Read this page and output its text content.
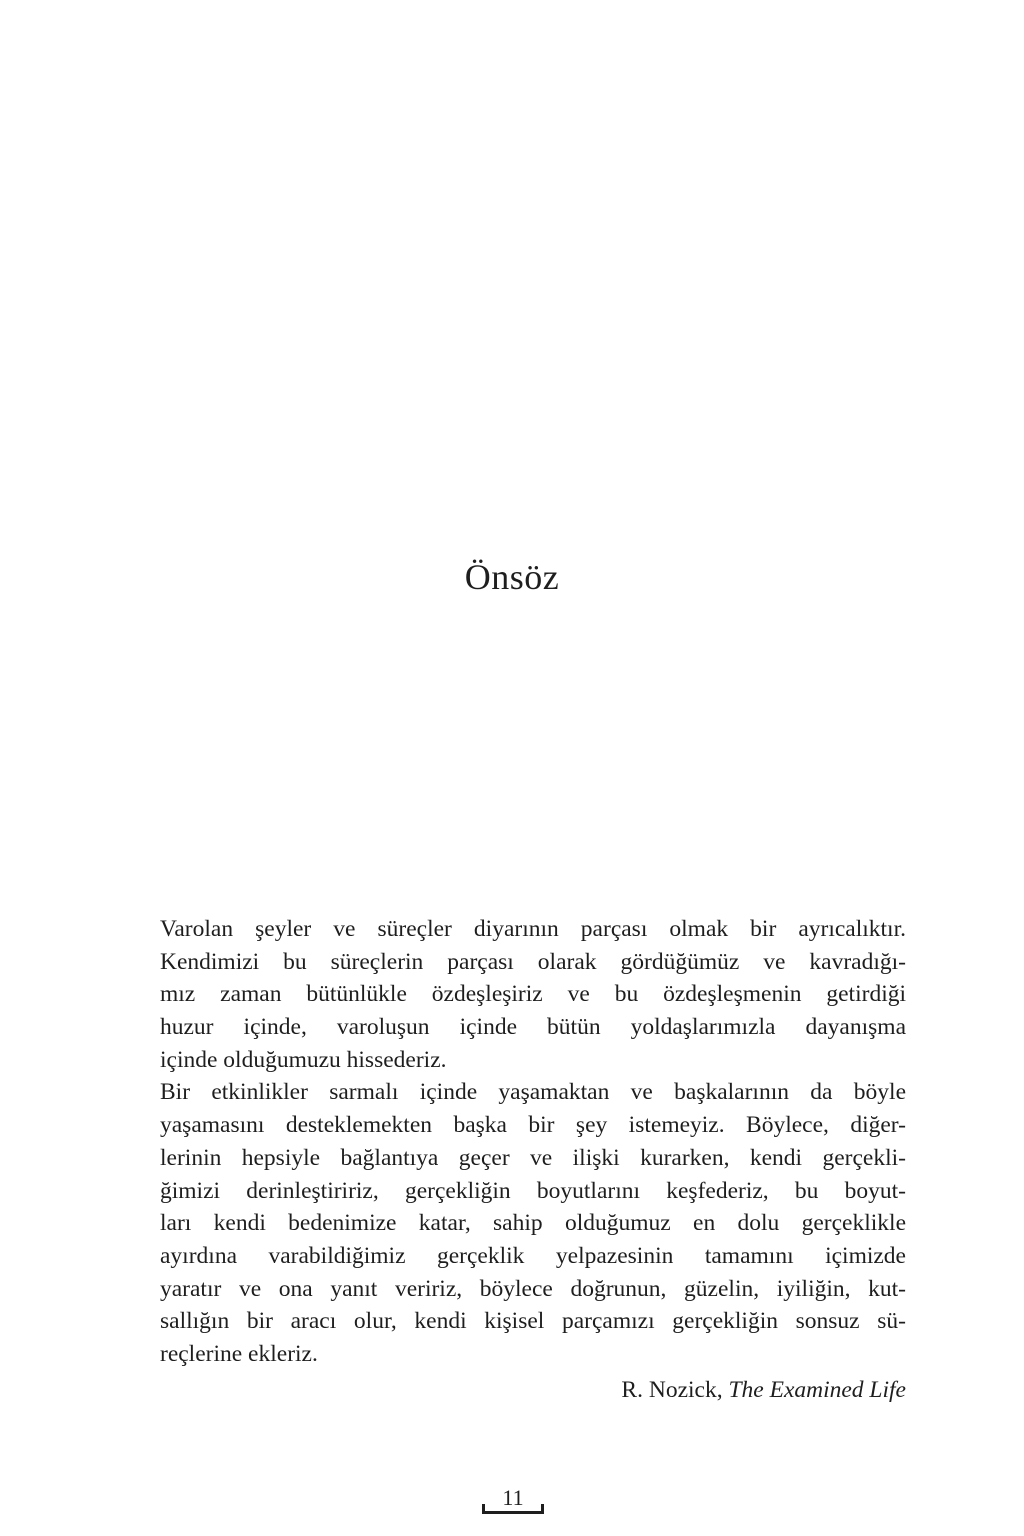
Önsöz
Varolan şeyler ve süreçler diyarının parçası olmak bir ayrıcalıktır.
Kendimizi bu süreçlerin parçası olarak gördüğümüz ve kavradığı-
mız zaman bütünlükle özdeşleşiriz ve bu özdeşleşmenin getirdiği
huzur içinde, varoluşun içinde bütün yoldaşlarımızla dayanışma
içinde olduğumuzu hissederiz.
Bir etkinlikler sarmalı içinde yaşamaktan ve başkalarının da böyle
yaşamasını desteklemekten başka bir şey istemeyiz. Böylece, diğer-
lerinin hepsiyle bağlantıya geçer ve ilişki kurarken, kendi gerçekli-
ğimizi derinleştiririz, gerçekliğin boyutlarını keşfederiz, bu boyut-
ları kendi bedenimize katar, sahip olduğumuz en dolu gerçeklikle
ayırdına varabildiğimiz gerçeklik yelpazesinin tamamını içimizde
yaratır ve ona yanıt veririz, böylece doğrunun, güzelin, iyiliğin, kut-
sallığın bir aracı olur, kendi kişisel parçamızı gerçekliğin sonsuz sü-
reçlerine ekleriz.
R. Nozick, The Examined Life
11
